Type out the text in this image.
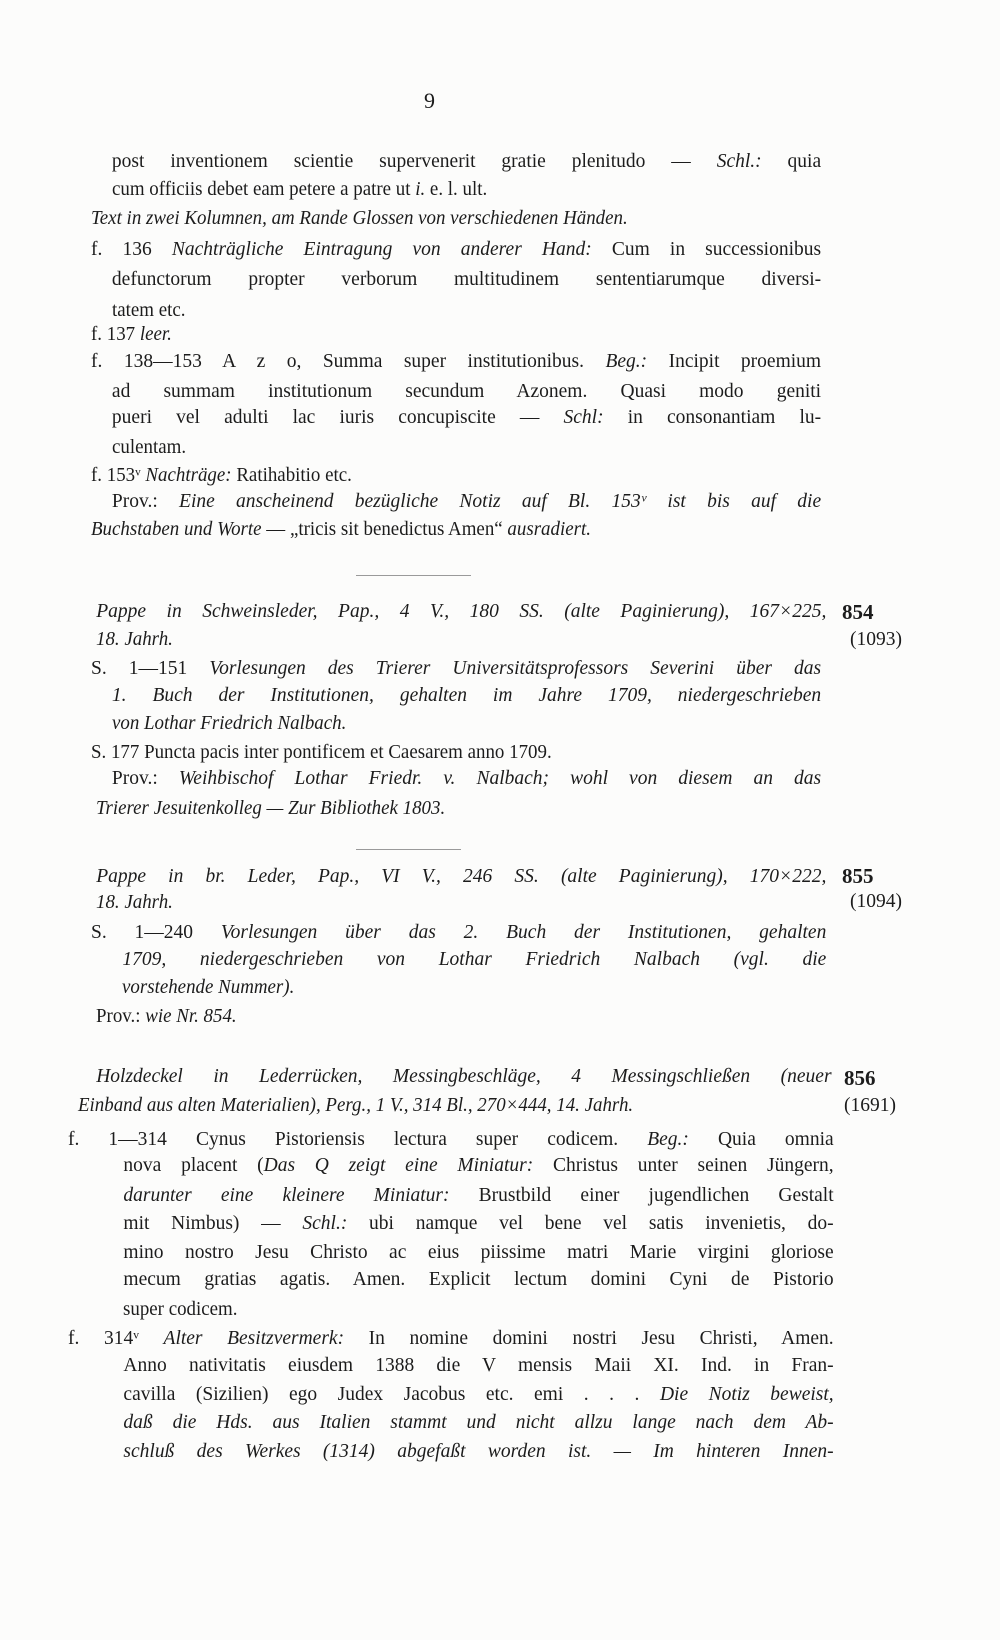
9
post inventionem scientie supervenerit gratie plenitudo — Schl.: quia
cum officiis debet eam petere a patre ut i. e. l. ult.
Text in zwei Kolumnen, am Rande Glossen von verschiedenen Händen.
f. 136 Nachträgliche Eintragung von anderer Hand: Cum in successionibus
defunctorum propter verborum multitudinem sententiarumque diversi-
tatem etc.
f. 137 leer.
f. 138—153 A z o, Summa super institutionibus. Beg.: Incipit proemium
ad summam institutionum secundum Azonem. Quasi modo geniti
pueri vel adulti lac iuris concupiscite — Schl: in consonantiam lu-
culentam.
f. 153ᵛ Nachträge: Ratihabitio etc.
Prov.: Eine anscheinend bezügliche Notiz auf Bl. 153ᵛ ist bis auf die
Buchstaben und Worte — „tricis sit benedictus Amen“ ausradiert.
Pappe in Schweinsleder, Pap., 4 V., 180 SS. (alte Paginierung), 167×225,
18. Jahrh.
S. 1—151 Vorlesungen des Trierer Universitätsprofessors Severini über das
1. Buch der Institutionen, gehalten im Jahre 1709, niedergeschrieben
von Lothar Friedrich Nalbach.
S. 177 Puncta pacis inter pontificem et Caesarem anno 1709.
Prov.: Weihbischof Lothar Friedr. v. Nalbach; wohl von diesem an das
Trierer Jesuitenkolleg — Zur Bibliothek 1803.
Pappe in br. Leder, Pap., VI V., 246 SS. (alte Paginierung), 170×222,
18. Jahrh.
S. 1—240 Vorlesungen über das 2. Buch der Institutionen, gehalten
1709, niedergeschrieben von Lothar Friedrich Nalbach (vgl. die
vorstehende Nummer).
Prov.: wie Nr. 854.
Holzdeckel in Lederrücken, Messingbeschläge, 4 Messingschließen (neuer
Einband aus alten Materialien), Perg., 1 V., 314 Bl., 270×444, 14. Jahrh.
f. 1—314 Cynus Pistoriensis lectura super codicem. Beg.: Quia omnia
nova placent (Das Q zeigt eine Miniatur: Christus unter seinen Jüngern,
darunter eine kleinere Miniatur: Brustbild einer jugendlichen Gestalt
mit Nimbus) — Schl.: ubi namque vel bene vel satis invenietis, do-
mino nostro Jesu Christo ac eius piissime matri Marie virgini gloriose
mecum gratias agatis. Amen. Explicit lectum domini Cyni de Pistorio
super codicem.
f. 314ᵛ Alter Besitzvermerk: In nomine domini nostri Jesu Christi, Amen.
Anno nativitatis eiusdem 1388 die V mensis Maii XI. Ind. in Fran-
cavilla (Sizilien) ego Judex Jacobus etc. emi . . . Die Notiz beweist,
daß die Hds. aus Italien stammt und nicht allzu lange nach dem Ab-
schluß des Werkes (1314) abgefaßt worden ist. — Im hinteren Innen-
854
(1093)
855
(1094)
856
(1691)
